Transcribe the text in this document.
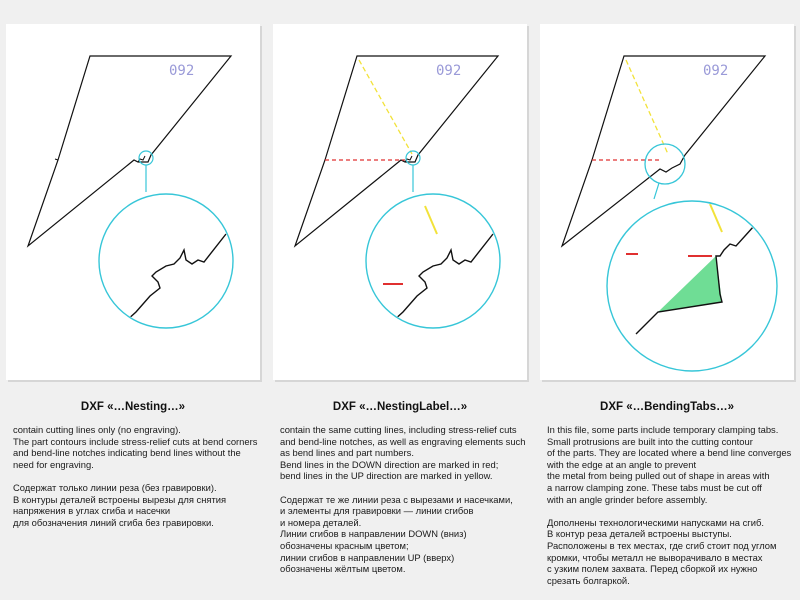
092
DXF «…Nesting…»

contain cutting lines only (no engraving).
The part contours include stress-relief cuts at bend corners and bend-line notches indicating bend lines without the need for engraving.

Содержат только линии реза (без гравировки).
В контуры деталей встроены вырезы для снятия напряжения в углах сгиба и насечки
для обозначения линий сгиба без гравировки.

092
DXF «…NestingLabel…»

contain the same cutting lines, including stress-relief cuts and bend-line notches, as well as engraving elements such as bend lines and part numbers.
Bend lines in the DOWN direction are marked in red;
bend lines in the UP direction are marked in yellow.

Содержат те же линии реза с вырезами и насечками,
и элементы для гравировки — линии сгибов
и номера деталей.
Линии сгибов в направлении DOWN (вниз)
обозначены красным цветом;
линии сгибов в направлении UP (вверх)
обозначены жёлтым цветом.

092
DXF «…BendingTabs…»

In this file, some parts include temporary clamping tabs. Small protrusions are built into the cutting contour
of the parts. They are located where a bend line converges with the edge at an angle to prevent
the metal from being pulled out of shape in areas with
a narrow clamping zone. These tabs must be cut off
with an angle grinder before assembly.

Дополнены технологическими напусками на сгиб.
В контур реза деталей встроены выступы.
Расположены в тех местах, где сгиб стоит под углом
кромки, чтобы металл не выворачивало в местах
с узким полем захвата. Перед сборкой их нужно
срезать болгаркой.
